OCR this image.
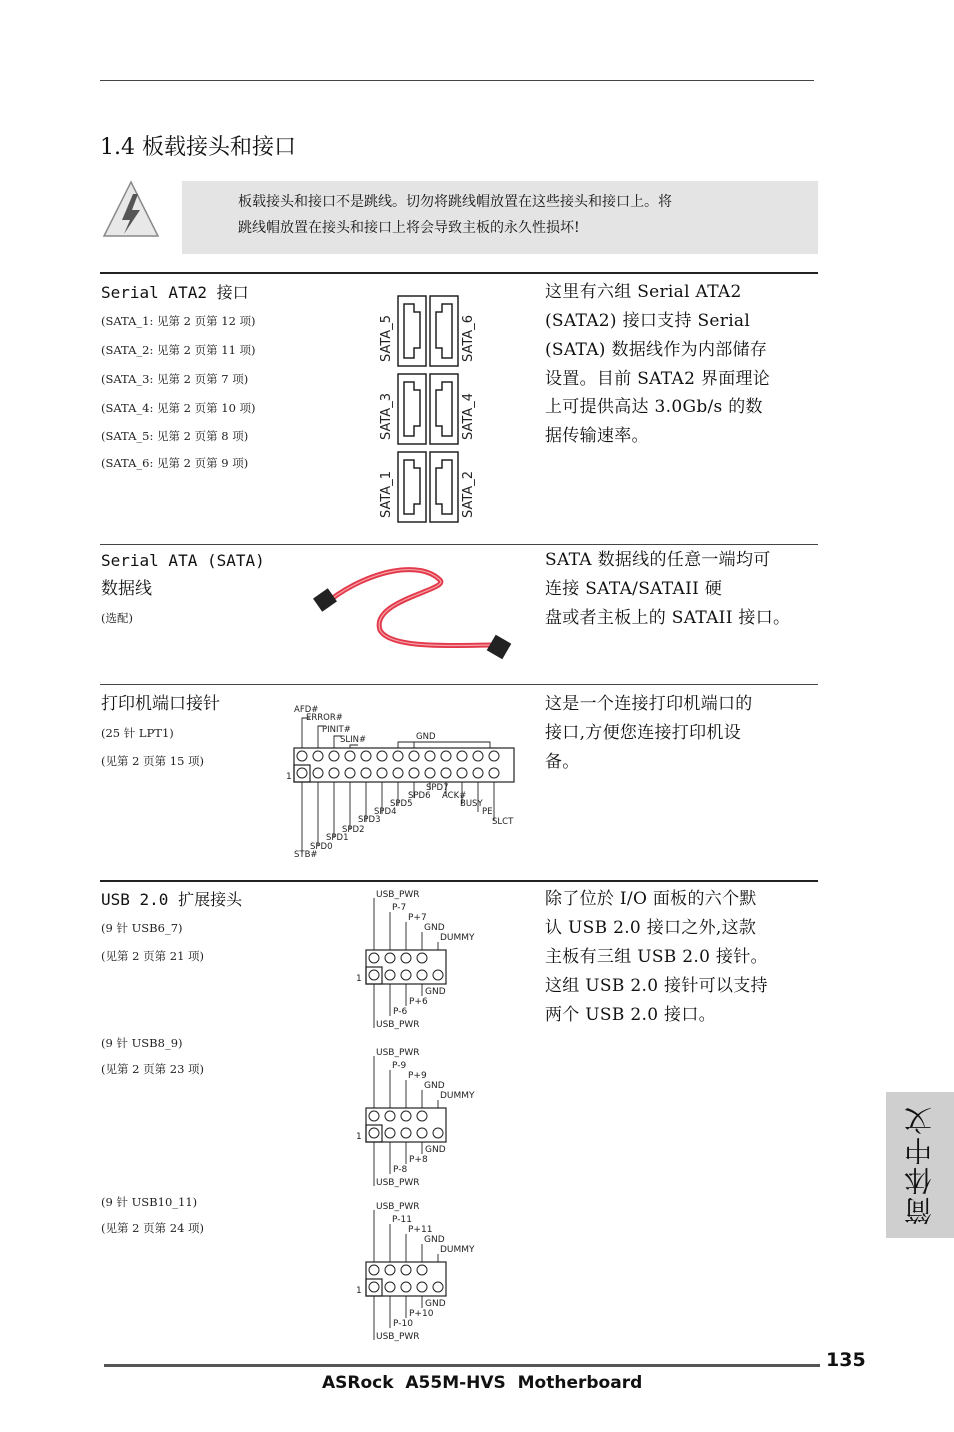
1.4 板载接头和接口
板载接头和接口不是跳线。切勿将跳线帽放置在这些接头和接口上。将
跳线帽放置在接头和接口上将会导致主板的永久性损坏!
Serial ATA2 接口
(SATA_1: 见第 2 页第 12 项)
(SATA_2: 见第 2 页第 11 项)
(SATA_3: 见第 2 页第 7 项)
(SATA_4: 见第 2 页第 10 项)
(SATA_5: 见第 2 页第 8 项)
(SATA_6: 见第 2 页第 9 项)
SATA_5	SATA_6
SATA_3	SATA_4
SATA_1	SATA_2
这里有六组 Serial ATA2
(SATA2) 接口支持 Serial
(SATA) 数据线作为内部储存
设置。目前 SATA2 界面理论
上可提供高达 3.0Gb/s 的数
据传输速率。
Serial ATA (SATA)
数据线
(选配)
SATA 数据线的任意一端均可
连接 SATA/SATAII 硬
盘或者主板上的 SATAII 接口。
打印机端口接针
(25 针 LPT1)
(见第 2 页第 15 项)
AFD#
ERROR#
PINIT#
SLIN#	GND
1
SPD7
SPD6 ACK#
SPD5	BUSY
SPD4	PE
SPD3	SLCT
SPD2
SPD1
SPD0
STB#
这是一个连接打印机端口的
接口,方便您连接打印机设
备。
USB 2.0 扩展接头
(9 针 USB6_7)
(见第 2 页第 21 项)
(9 针 USB8_9)
(见第 2 页第 23 项)
(9 针 USB10_11)
(见第 2 页第 24 项)
除了位於 I/O 面板的六个默
认 USB 2.0 接口之外,这款
主板有三组 USB 2.0 接针。
这组 USB 2.0 接针可以支持
两个 USB 2.0 接口。
USB_PWR
P-7
P+7
GND
DUMMY
GND
P+6
P-6
USB_PWR
1
USB_PWR
P-9
P+9
GND
DUMMY
GND
P+8
P-8
USB_PWR
1
USB_PWR
P-11
P+11
GND
DUMMY
GND
P+10
P-10
USB_PWR
1
简体中文
135
ASRock  A55M-HVS  Motherboard
